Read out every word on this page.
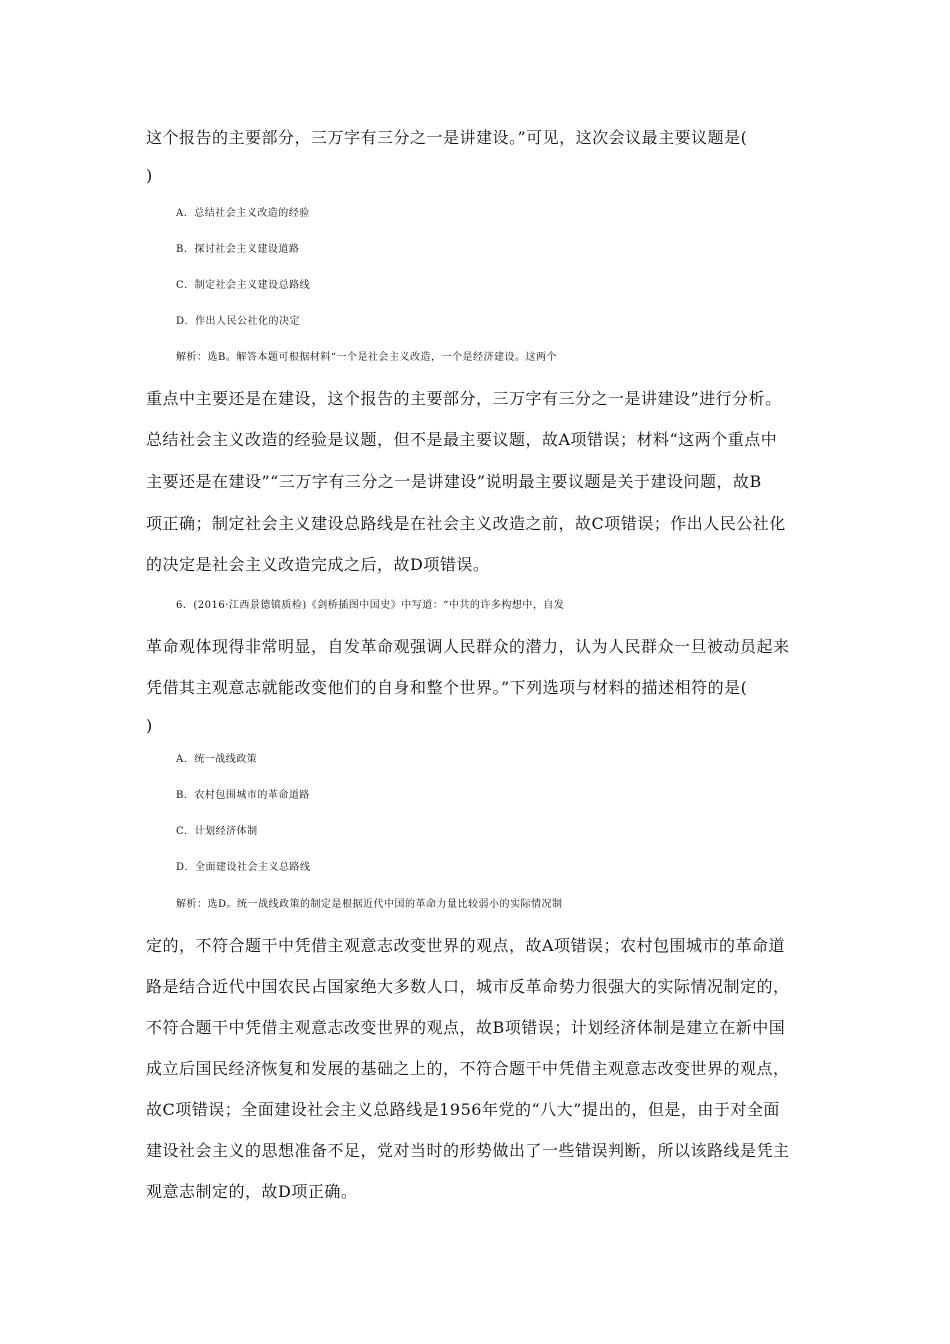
这个报告的主要部分，三万字有三分之一是讲建设。”可见，这次会议最主要议题是(
)
A．总结社会主义改造的经验
B．探讨社会主义建设道路
C．制定社会主义建设总路线
D．作出人民公社化的决定
解析：选B。解答本题可根据材料“一个是社会主义改造，一个是经济建设。这两个
重点中主要还是在建设，这个报告的主要部分，三万字有三分之一是讲建设”进行分析。
总结社会主义改造的经验是议题，但不是最主要议题，故A项错误；材料“这两个重点中
主要还是在建设”“三万字有三分之一是讲建设”说明最主要议题是关于建设问题，故B
项正确；制定社会主义建设总路线是在社会主义改造之前，故C项错误；作出人民公社化
的决定是社会主义改造完成之后，故D项错误。
6．(2016·江西景德镇质检)《剑桥插图中国史》中写道：“中共的许多构想中，自发
革命观体现得非常明显，自发革命观强调人民群众的潜力，认为人民群众一旦被动员起来
凭借其主观意志就能改变他们的自身和整个世界。”下列选项与材料的描述相符的是(
)
A．统一战线政策
B．农村包围城市的革命道路
C．计划经济体制
D．全面建设社会主义总路线
解析：选D。统一战线政策的制定是根据近代中国的革命力量比较弱小的实际情况制
定的，不符合题干中凭借主观意志改变世界的观点，故A项错误；农村包围城市的革命道
路是结合近代中国农民占国家绝大多数人口，城市反革命势力很强大的实际情况制定的，
不符合题干中凭借主观意志改变世界的观点，故B项错误；计划经济体制是建立在新中国
成立后国民经济恢复和发展的基础之上的，不符合题干中凭借主观意志改变世界的观点，
故C项错误；全面建设社会主义总路线是1956年党的“八大”提出的，但是，由于对全面
建设社会主义的思想准备不足，党对当时的形势做出了一些错误判断，所以该路线是凭主
观意志制定的，故D项正确。
